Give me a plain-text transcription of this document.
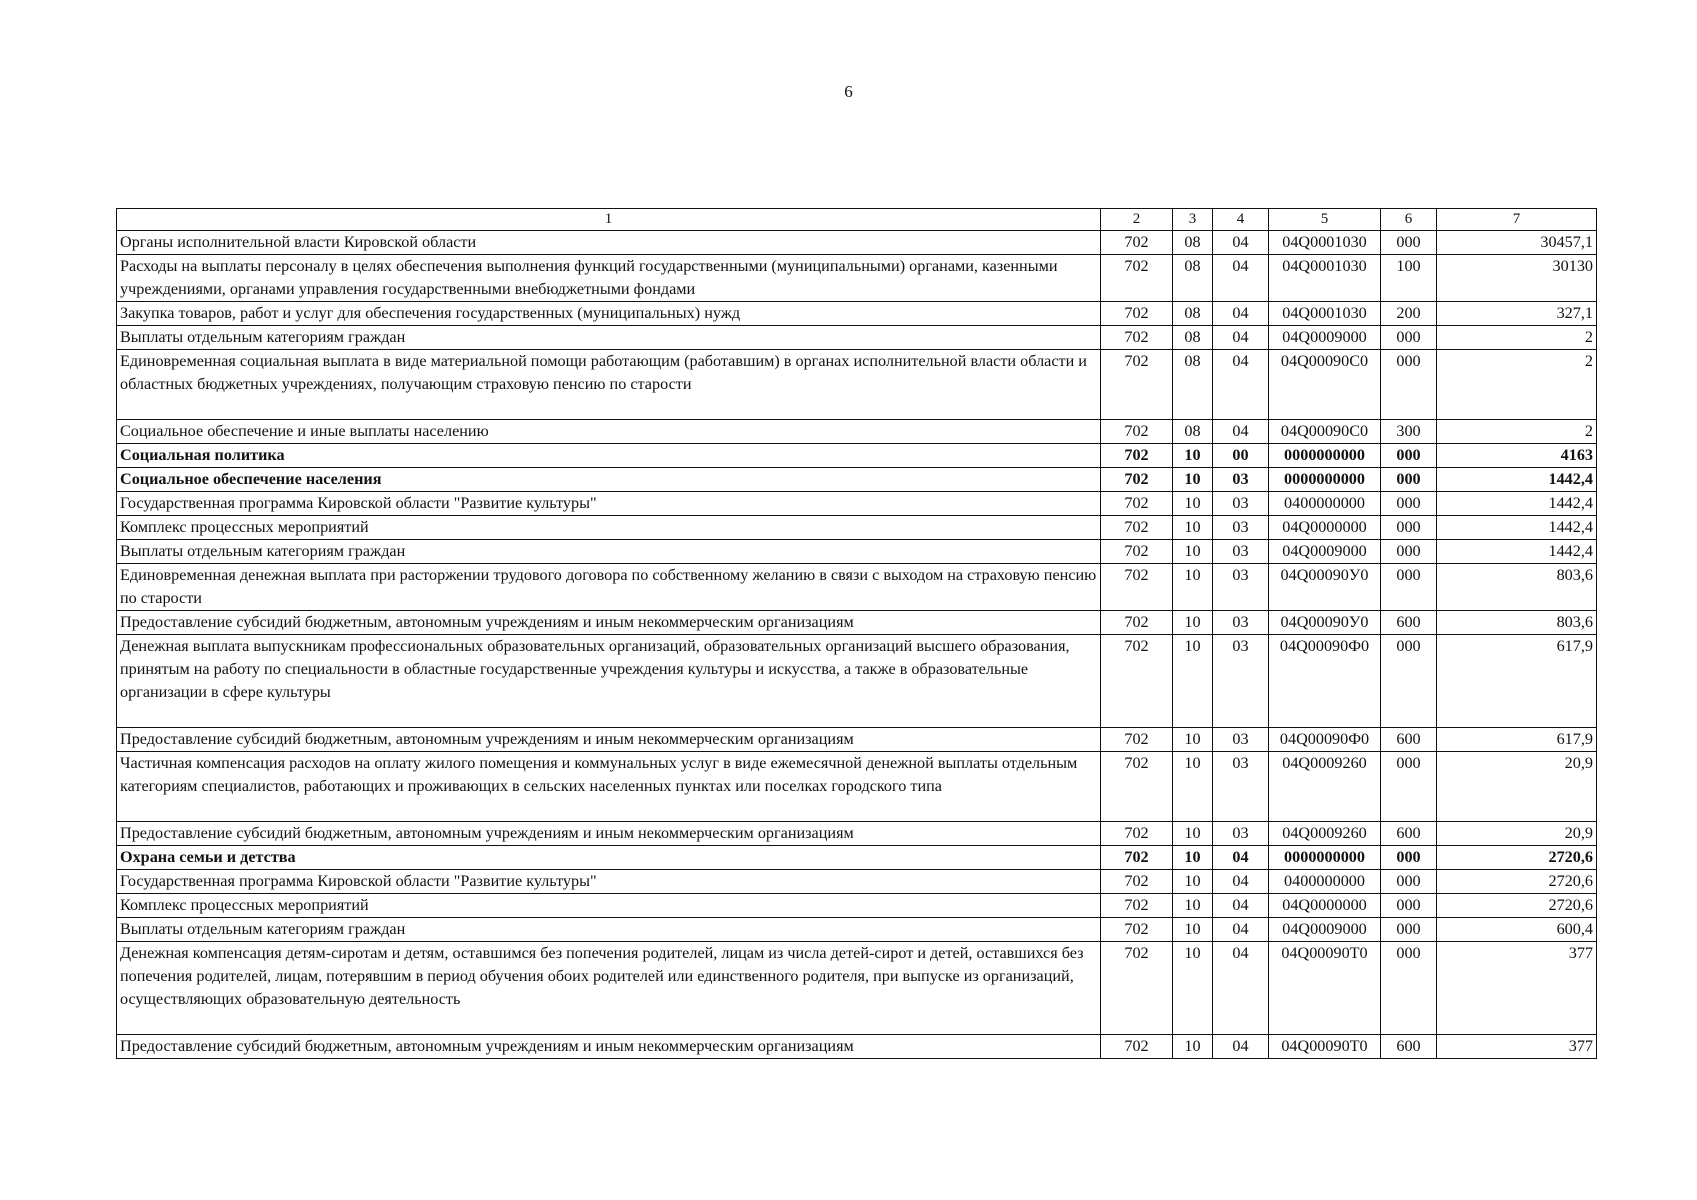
6
1	2	3	4	5	6	7
Органы исполнительной власти Кировской области	702	08	04	04Q0001030	000	30457,1
Расходы на выплаты персоналу в целях обеспечения выполнения функций государственными (муниципальными) органами, казенными учреждениями, органами управления государственными внебюджетными фондами	702	08	04	04Q0001030	100	30130
Закупка товаров, работ и услуг для обеспечения государственных (муниципальных) нужд	702	08	04	04Q0001030	200	327,1
Выплаты отдельным категориям граждан	702	08	04	04Q0009000	000	2
Единовременная социальная выплата в виде материальной помощи работающим (работавшим) в органах исполнительной власти области и областных бюджетных учреждениях, получающим страховую пенсию по старости	702	08	04	04Q00090C0	000	2
Социальное обеспечение и иные выплаты населению	702	08	04	04Q00090C0	300	2
Социальная политика	702	10	00	0000000000	000	4163
Социальное обеспечение населения	702	10	03	0000000000	000	1442,4
Государственная программа Кировской области "Развитие культуры"	702	10	03	0400000000	000	1442,4
Комплекс процессных мероприятий	702	10	03	04Q0000000	000	1442,4
Выплаты отдельным категориям граждан	702	10	03	04Q0009000	000	1442,4
Единовременная денежная выплата при расторжении трудового договора по собственному желанию в связи с выходом на страховую пенсию по старости	702	10	03	04Q00090У0	000	803,6
Предоставление субсидий бюджетным, автономным учреждениям и иным некоммерческим организациям	702	10	03	04Q00090У0	600	803,6
Денежная выплата выпускникам профессиональных образовательных организаций, образовательных организаций высшего образования, принятым на работу по специальности в областные государственные учреждения культуры и искусства, а также в образовательные организации в сфере культуры	702	10	03	04Q00090Ф0	000	617,9
Предоставление субсидий бюджетным, автономным учреждениям и иным некоммерческим организациям	702	10	03	04Q00090Ф0	600	617,9
Частичная компенсация расходов на оплату жилого помещения и коммунальных услуг в виде ежемесячной денежной выплаты отдельным категориям специалистов, работающих и проживающих в сельских населенных пунктах или поселках городского типа	702	10	03	04Q0009260	000	20,9
Предоставление субсидий бюджетным, автономным учреждениям и иным некоммерческим организациям	702	10	03	04Q0009260	600	20,9
Охрана семьи и детства	702	10	04	0000000000	000	2720,6
Государственная программа Кировской области "Развитие культуры"	702	10	04	0400000000	000	2720,6
Комплекс процессных мероприятий	702	10	04	04Q0000000	000	2720,6
Выплаты отдельным категориям граждан	702	10	04	04Q0009000	000	600,4
Денежная компенсация детям-сиротам и детям, оставшимся без попечения родителей, лицам из числа детей-сирот и детей, оставшихся без попечения родителей, лицам, потерявшим в период обучения обоих родителей или единственного родителя, при выпуске из организаций, осуществляющих образовательную деятельность	702	10	04	04Q00090Т0	000	377
Предоставление субсидий бюджетным, автономным учреждениям и иным некоммерческим организациям	702	10	04	04Q00090Т0	600	377
